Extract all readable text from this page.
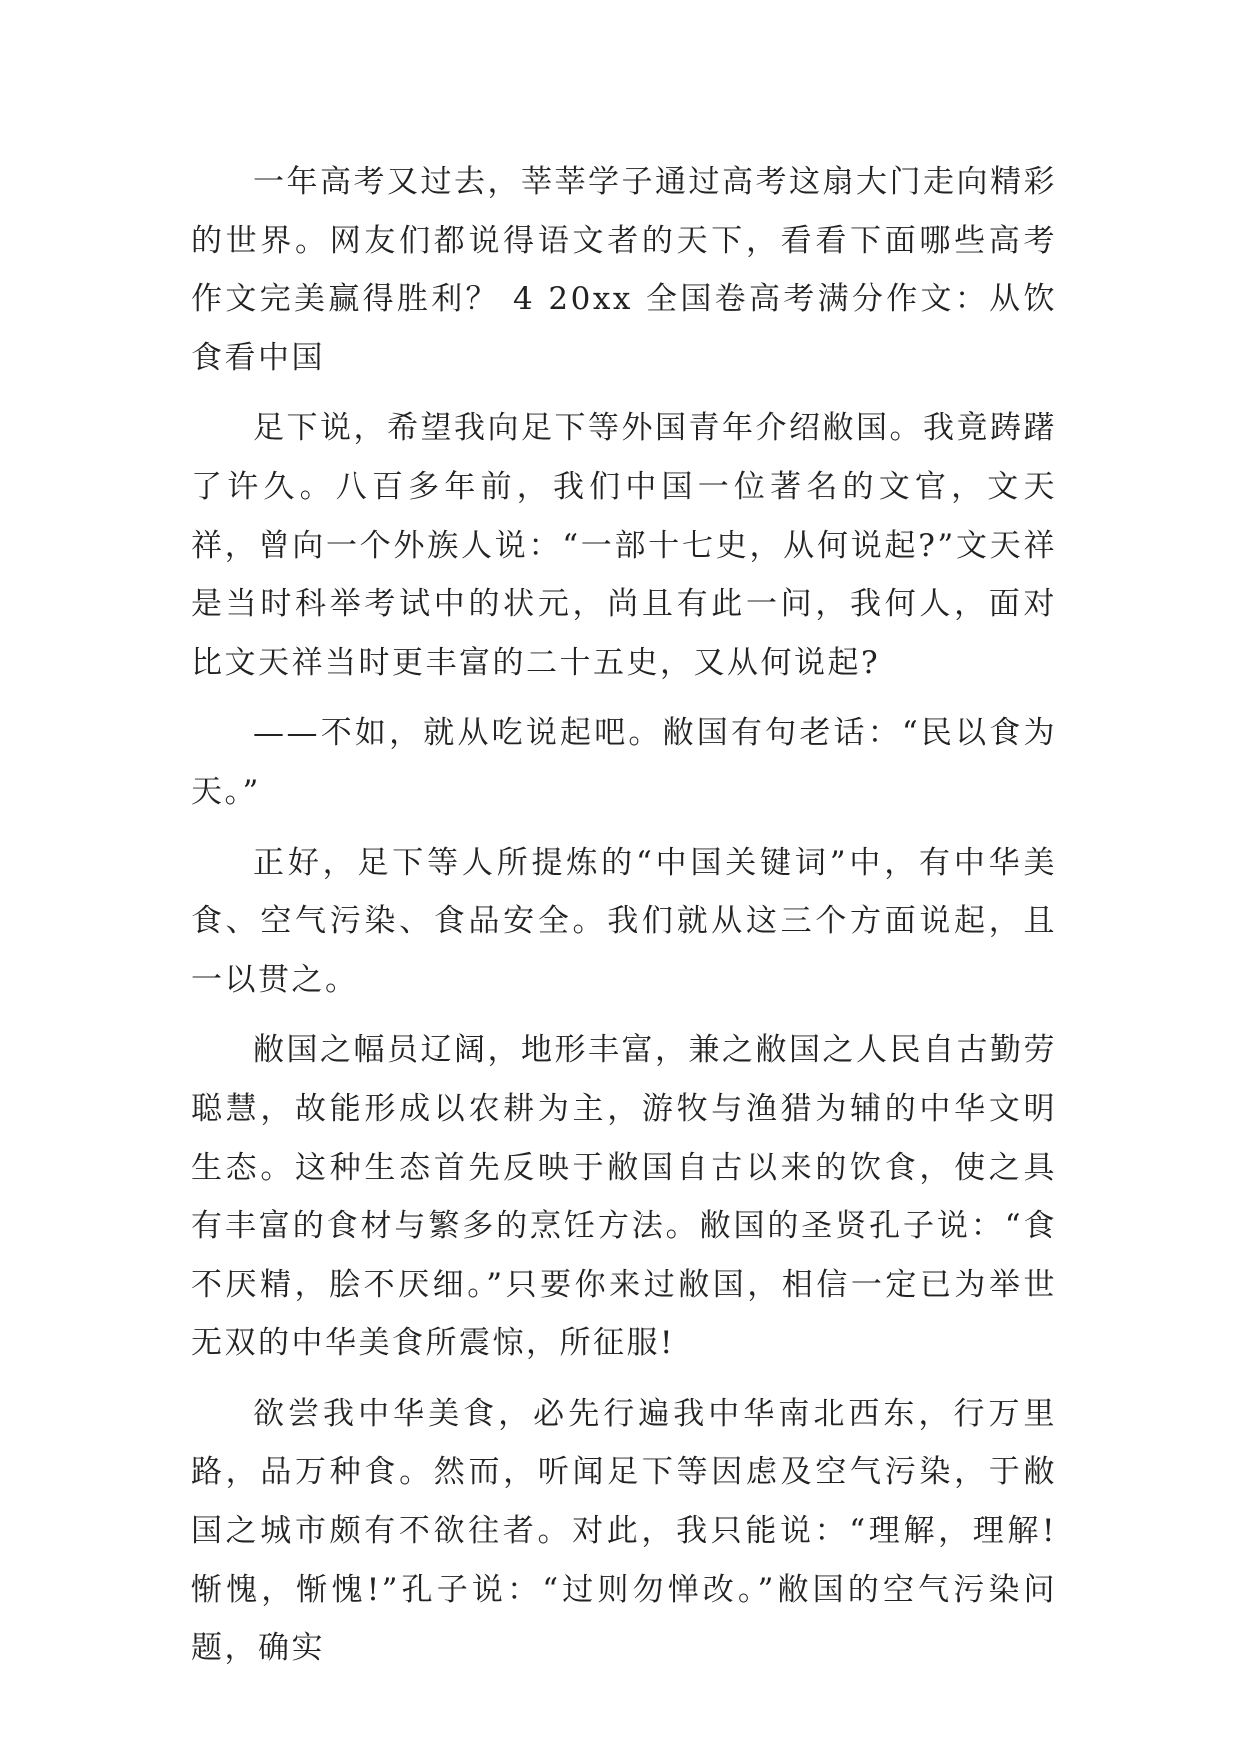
一年高考又过去，莘莘学子通过高考这扇大门走向精彩的世界。网友们都说得语文者的天下，看看下面哪些高考作文完美赢得胜利？ 4 20xx 全国卷高考满分作文：从饮食看中国

足下说，希望我向足下等外国青年介绍敝国。我竟踌躇了许久。八百多年前，我们中国一位著名的文官，文天祥，曾向一个外族人说：“一部十七史，从何说起?”文天祥是当时科举考试中的状元，尚且有此一问，我何人，面对比文天祥当时更丰富的二十五史，又从何说起?

——不如，就从吃说起吧。敝国有句老话：“民以食为天。”

正好，足下等人所提炼的“中国关键词”中，有中华美食、空气污染、食品安全。我们就从这三个方面说起，且一以贯之。

敝国之幅员辽阔，地形丰富，兼之敝国之人民自古勤劳聪慧，故能形成以农耕为主，游牧与渔猎为辅的中华文明生态。这种生态首先反映于敝国自古以来的饮食，使之具有丰富的食材与繁多的烹饪方法。敝国的圣贤孔子说：“食不厌精，脍不厌细。”只要你来过敝国，相信一定已为举世无双的中华美食所震惊，所征服!

欲尝我中华美食，必先行遍我中华南北西东，行万里路，品万种食。然而，听闻足下等因虑及空气污染，于敝国之城市颇有不欲往者。对此，我只能说：“理解，理解!惭愧，惭愧!”孔子说：“过则勿惮改。”敝国的空气污染问题，确实
